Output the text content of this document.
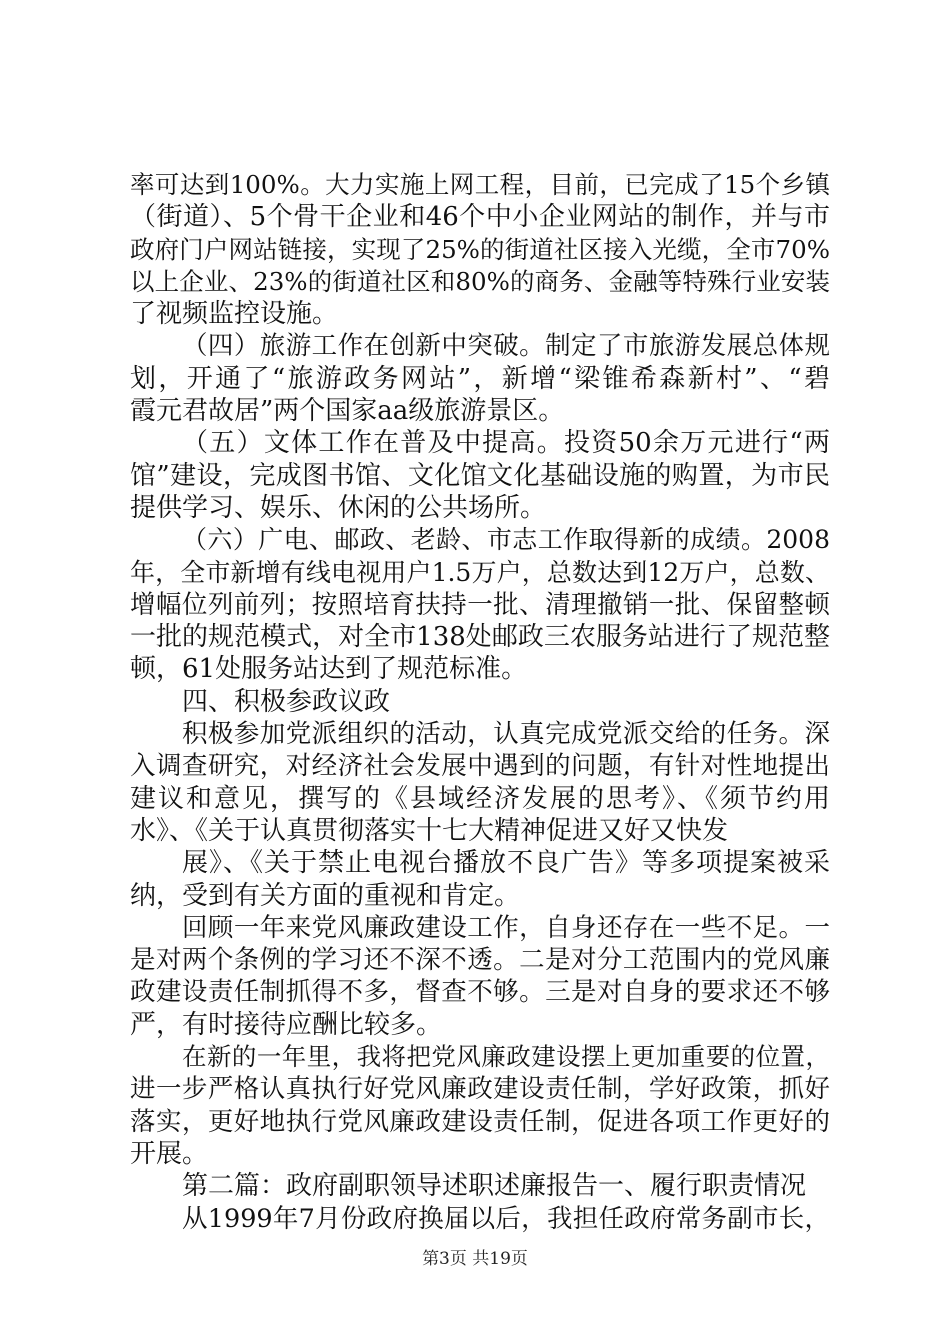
率可达到100%。大力实施上网工程，目前，已完成了15个乡镇
（街道）、5个骨干企业和46个中小企业网站的制作，并与市
政府门户网站链接，实现了25%的街道社区接入光缆，全市70%
以上企业、23%的街道社区和80%的商务、金融等特殊行业安装
了视频监控设施。
（四）旅游工作在创新中突破。制定了市旅游发展总体规
划，开通了“旅游政务网站”，新增“梁锥希森新村”、“碧
霞元君故居”两个国家aa级旅游景区。
（五）文体工作在普及中提高。投资50余万元进行“两
馆”建设，完成图书馆、文化馆文化基础设施的购置，为市民
提供学习、娱乐、休闲的公共场所。
（六）广电、邮政、老龄、市志工作取得新的成绩。2008
年，全市新增有线电视用户1.5万户，总数达到12万户，总数、
增幅位列前列；按照培育扶持一批、清理撤销一批、保留整顿
一批的规范模式，对全市138处邮政三农服务站进行了规范整
顿，61处服务站达到了规范标准。
四、积极参政议政
积极参加党派组织的活动，认真完成党派交给的任务。深
入调查研究，对经济社会发展中遇到的问题，有针对性地提出
建议和意见，撰写的《县域经济发展的思考》、《须节约用
水》、《关于认真贯彻落实十七大精神促进又好又快发
展》、《关于禁止电视台播放不良广告》等多项提案被采
纳，受到有关方面的重视和肯定。
回顾一年来党风廉政建设工作，自身还存在一些不足。一
是对两个条例的学习还不深不透。二是对分工范围内的党风廉
政建设责任制抓得不多，督查不够。三是对自身的要求还不够
严，有时接待应酬比较多。
在新的一年里，我将把党风廉政建设摆上更加重要的位置，
进一步严格认真执行好党风廉政建设责任制，学好政策，抓好
落实，更好地执行党风廉政建设责任制，促进各项工作更好的
开展。
第二篇：政府副职领导述职述廉报告一、履行职责情况
从1999年7月份政府换届以后，我担任政府常务副市长，
第3页 共19页
